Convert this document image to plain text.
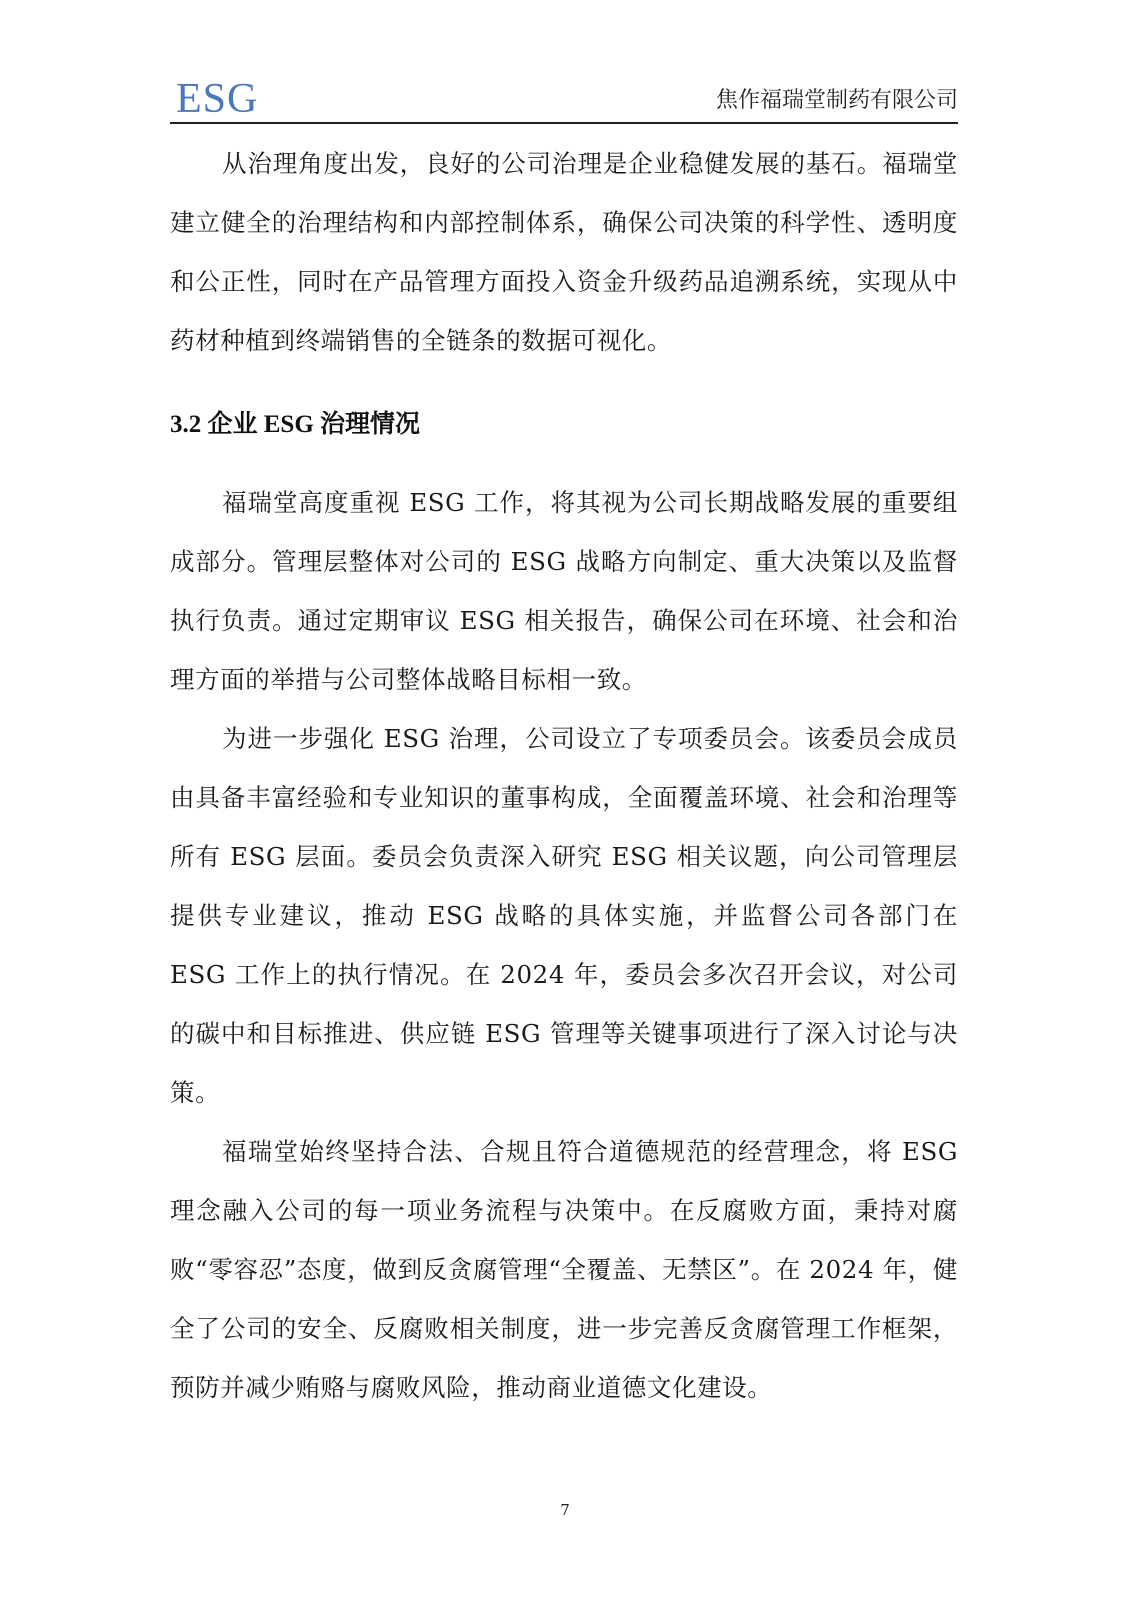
ESG	焦作福瑞堂制药有限公司

从治理角度出发，良好的公司治理是企业稳健发展的基石。福瑞堂建立健全的治理结构和内部控制体系，确保公司决策的科学性、透明度和公正性，同时在产品管理方面投入资金升级药品追溯系统，实现从中药材种植到终端销售的全链条的数据可视化。

3.2 企业 ESG 治理情况

福瑞堂高度重视 ESG 工作，将其视为公司长期战略发展的重要组成部分。管理层整体对公司的 ESG 战略方向制定、重大决策以及监督执行负责。通过定期审议 ESG 相关报告，确保公司在环境、社会和治理方面的举措与公司整体战略目标相一致。

为进一步强化 ESG 治理，公司设立了专项委员会。该委员会成员由具备丰富经验和专业知识的董事构成，全面覆盖环境、社会和治理等所有 ESG 层面。委员会负责深入研究 ESG 相关议题，向公司管理层提供专业建议，推动 ESG 战略的具体实施，并监督公司各部门在 ESG 工作上的执行情况。在 2024 年，委员会多次召开会议，对公司的碳中和目标推进、供应链 ESG 管理等关键事项进行了深入讨论与决策。

福瑞堂始终坚持合法、合规且符合道德规范的经营理念，将 ESG 理念融入公司的每一项业务流程与决策中。在反腐败方面，秉持对腐败“零容忍”态度，做到反贪腐管理“全覆盖、无禁区”。在 2024 年，健全了公司的安全、反腐败相关制度，进一步完善反贪腐管理工作框架，预防并减少贿赂与腐败风险，推动商业道德文化建设。

7
